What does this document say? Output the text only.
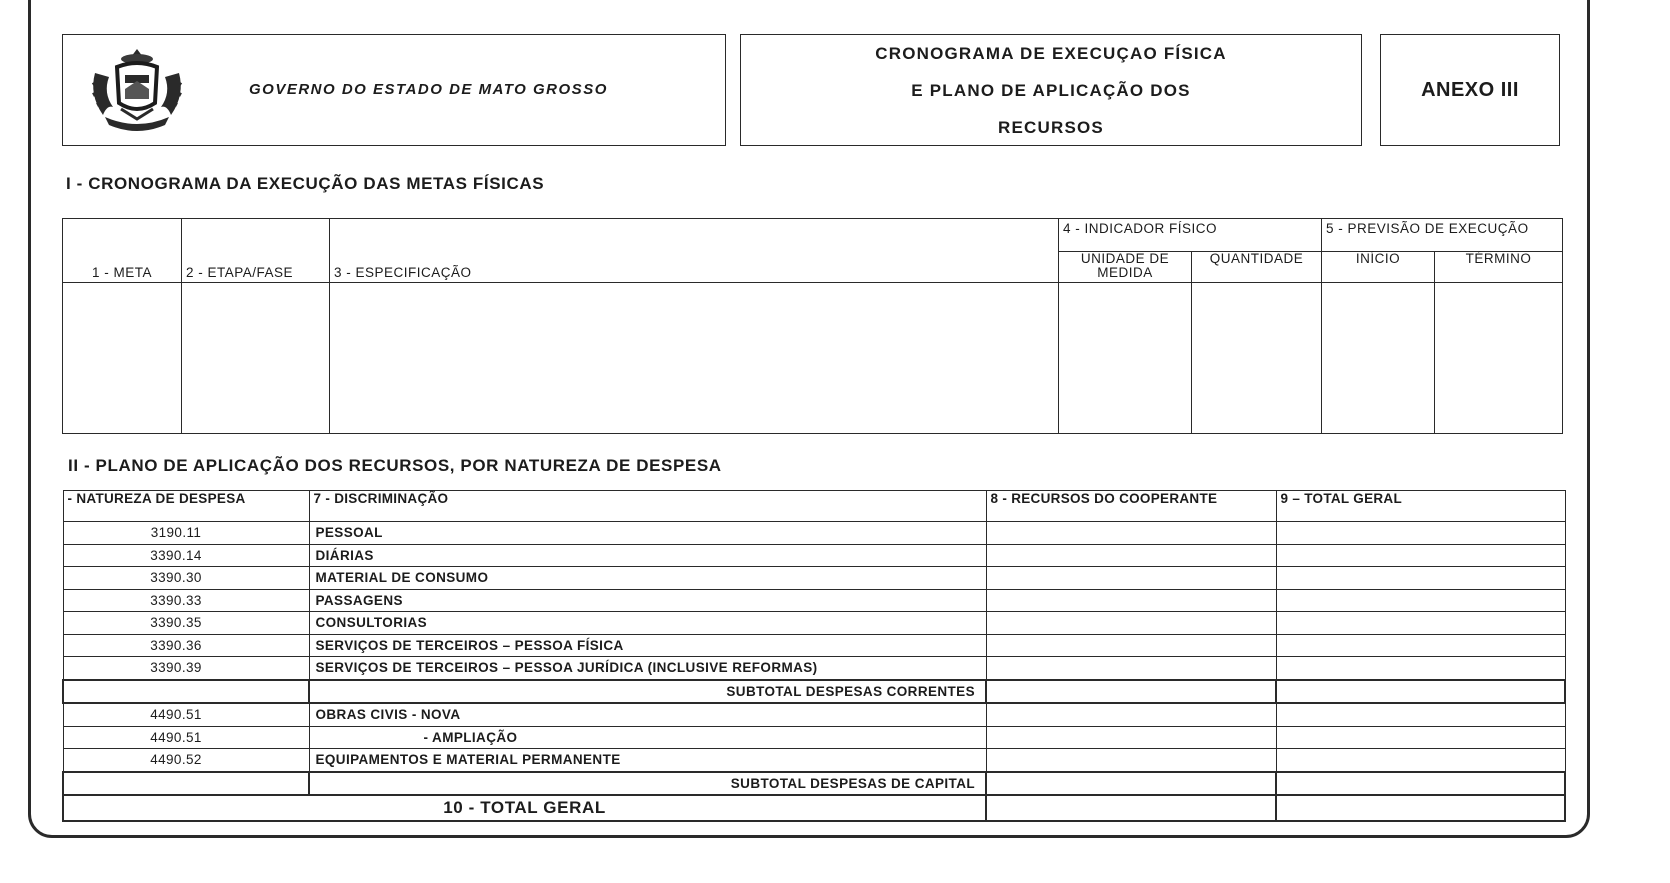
GOVERNO DO ESTADO DE MATO GROSSO
CRONOGRAMA DE EXECUÇAO FÍSICA
E PLANO DE APLICAÇÃO DOS
RECURSOS
ANEXO III
I - CRONOGRAMA DA EXECUÇÃO DAS METAS FÍSICAS
1 - META	2 - ETAPA/FASE	3 - ESPECIFICAÇÃO	4 - INDICADOR FÍSICO		5 - PREVISÃO DE EXECUÇÃO	
			UNIDADE DE MEDIDA	QUANTIDADE	INÍCIO	TÉRMINO

II - PLANO DE APLICAÇÃO DOS RECURSOS, POR NATUREZA DE DESPESA
- NATUREZA DE DESPESA	7 - DISCRIMINAÇÃO	8 - RECURSOS DO COOPERANTE	9 – TOTAL GERAL
3190.11	PESSOAL		
3390.14	DIÁRIAS		
3390.30	MATERIAL DE CONSUMO		
3390.33	PASSAGENS		
3390.35	CONSULTORIAS		
3390.36	SERVIÇOS DE TERCEIROS – PESSOA FÍSICA		
3390.39	SERVIÇOS DE TERCEIROS – PESSOA JURÍDICA (INCLUSIVE REFORMAS)		
	SUBTOTAL DESPESAS CORRENTES		
4490.51	OBRAS CIVIS - NOVA		
4490.51	- AMPLIAÇÃO		
4490.52	EQUIPAMENTOS E MATERIAL PERMANENTE		
	SUBTOTAL DESPESAS DE CAPITAL		
10 - TOTAL GERAL			
